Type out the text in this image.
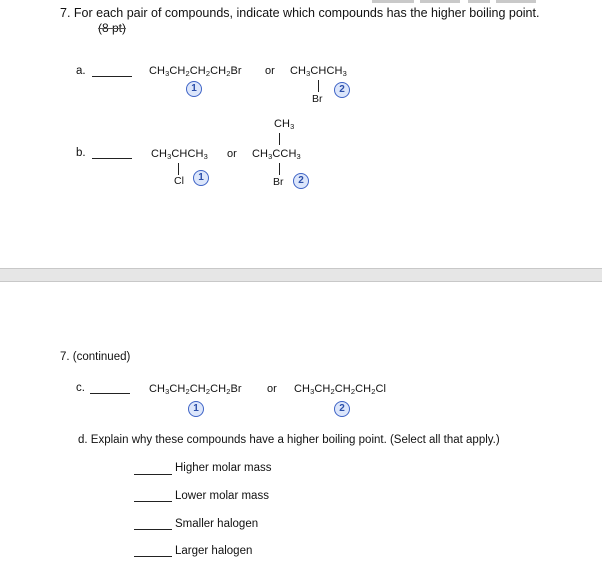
7. For each pair of compounds, indicate which compounds has the higher boiling point.
(8 pt)
a.	$CH_3CH_2CH_2CH_2Br$ or $CH_3CHCH_3$
Br
1	2
b.	$CH_3CHCH_3$
Cl	1
or
$CH_3$
$CH_3CCH_3$
Br	2
7. (continued)
c.	$CH_3CH_2CH_2CH_2Br$ or $CH_3CH_2CH_2CH_2Cl$
1	2
d. Explain why these compounds have a higher boiling point. (Select all that apply.)
Higher molar mass
Lower molar mass
Smaller halogen
Larger halogen
